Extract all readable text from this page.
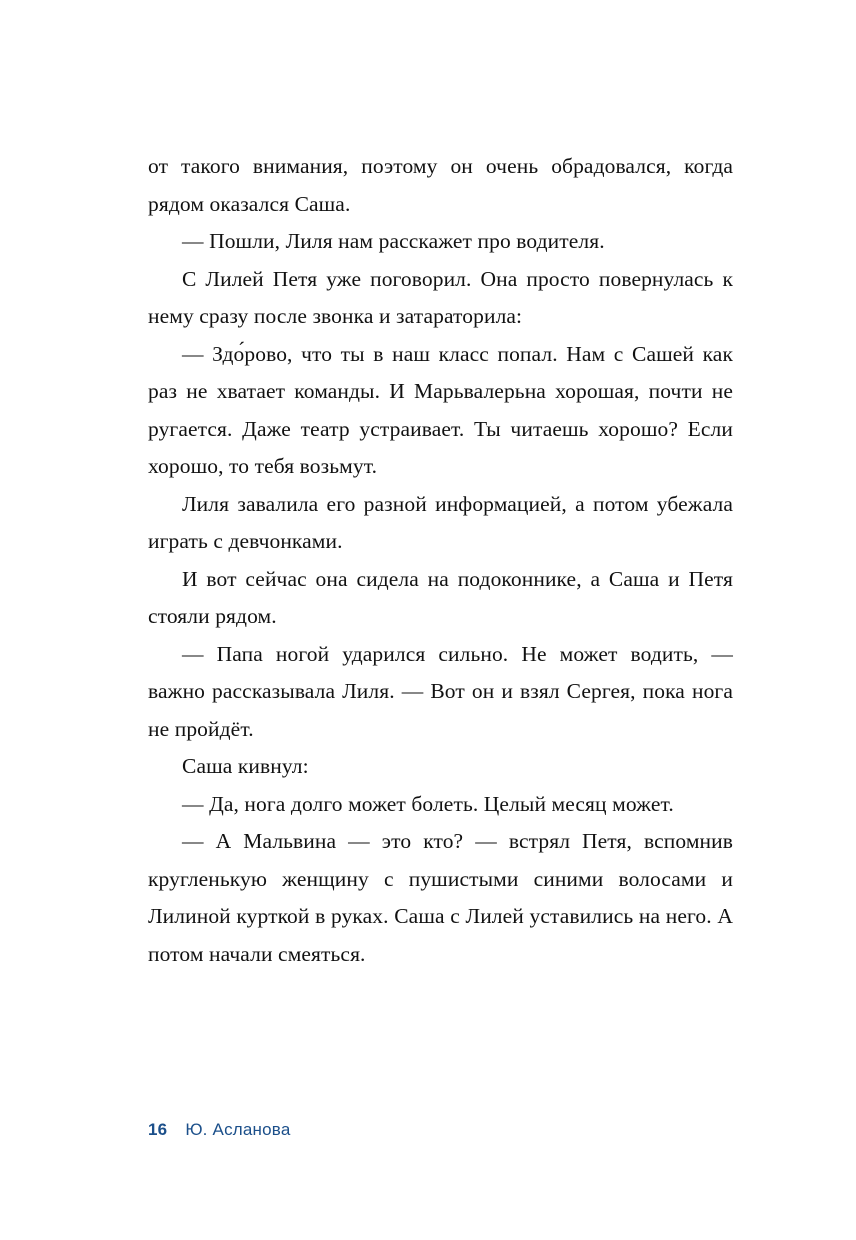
от такого внимания, поэтому он очень обрадовался, когда рядом оказался Саша.

— Пошли, Лиля нам расскажет про водителя.

С Лилей Петя уже поговорил. Она просто повернулась к нему сразу после звонка и затараторила:

— Здо́рово, что ты в наш класс попал. Нам с Сашей как раз не хватает команды. И Марьвалерьна хорошая, почти не ругается. Даже театр устраивает. Ты читаешь хорошо? Если хорошо, то тебя возьмут.

Лиля завалила его разной информацией, а потом убежала играть с девчонками.

И вот сейчас она сидела на подоконнике, а Саша и Петя стояли рядом.

— Папа ногой ударился сильно. Не может водить, — важно рассказывала Лиля. — Вот он и взял Сергея, пока нога не пройдёт.

Саша кивнул:

— Да, нога долго может болеть. Целый месяц может.

— А Мальвина — это кто? — встрял Петя, вспомнив кругленькую женщину с пушистыми синими волосами и Лилиной курткой в руках. Саша с Лилей уставились на него. А потом начали смеяться.

16 Ю. Асланова
